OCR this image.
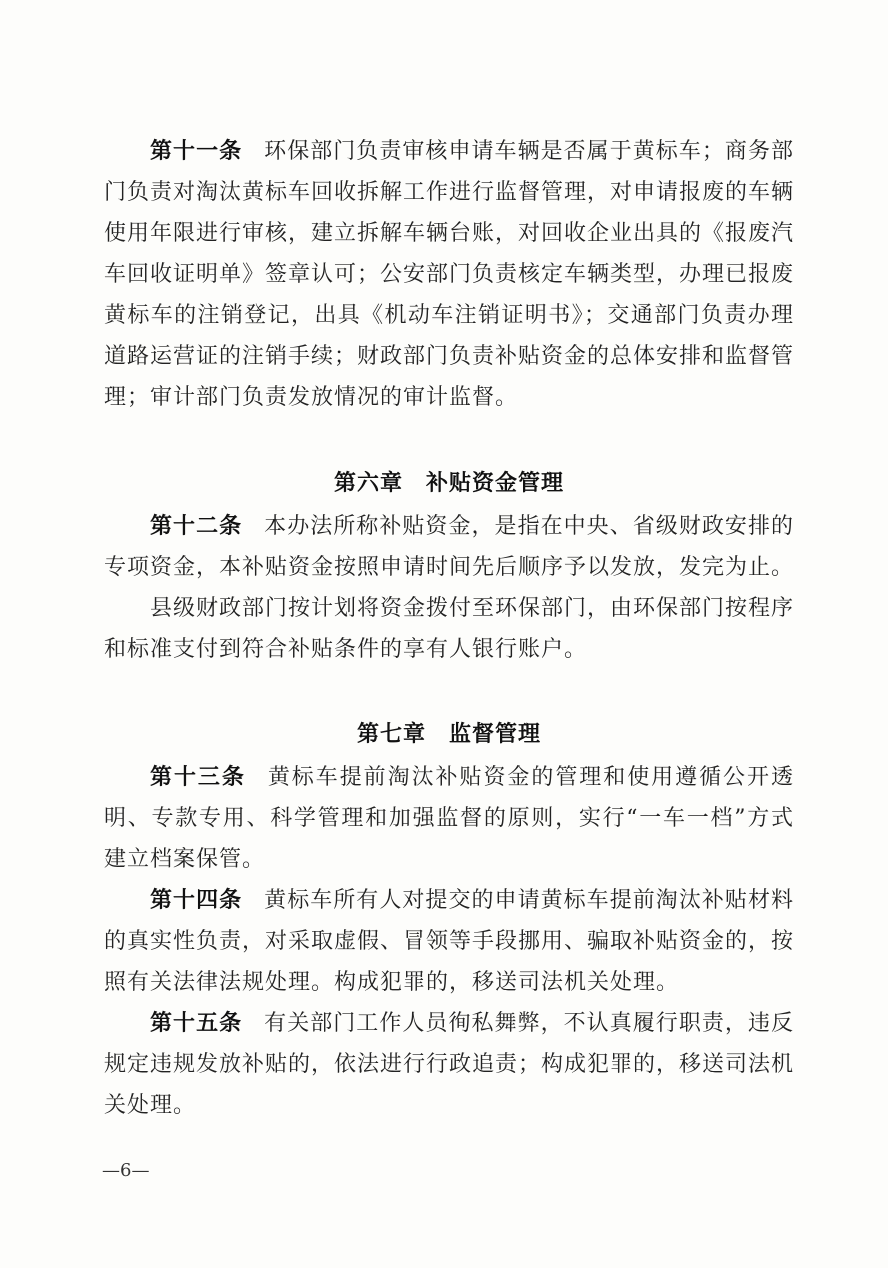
第十一条 环保部门负责审核申请车辆是否属于黄标车；商务部门负责对淘汰黄标车回收拆解工作进行监督管理，对申请报废的车辆使用年限进行审核，建立拆解车辆台账，对回收企业出具的《报废汽车回收证明单》签章认可；公安部门负责核定车辆类型，办理已报废黄标车的注销登记，出具《机动车注销证明书》；交通部门负责办理道路运营证的注销手续；财政部门负责补贴资金的总体安排和监督管理；审计部门负责发放情况的审计监督。

第六章　补贴资金管理

第十二条 本办法所称补贴资金，是指在中央、省级财政安排的专项资金，本补贴资金按照申请时间先后顺序予以发放，发完为止。

县级财政部门按计划将资金拨付至环保部门，由环保部门按程序和标准支付到符合补贴条件的享有人银行账户。

第七章　监督管理

第十三条 黄标车提前淘汰补贴资金的管理和使用遵循公开透明、专款专用、科学管理和加强监督的原则，实行“一车一档”方式建立档案保管。

第十四条 黄标车所有人对提交的申请黄标车提前淘汰补贴材料的真实性负责，对采取虚假、冒领等手段挪用、骗取补贴资金的，按照有关法律法规处理。构成犯罪的，移送司法机关处理。

第十五条 有关部门工作人员徇私舞弊，不认真履行职责，违反规定违规发放补贴的，依法进行行政追责；构成犯罪的，移送司法机关处理。

—6—
